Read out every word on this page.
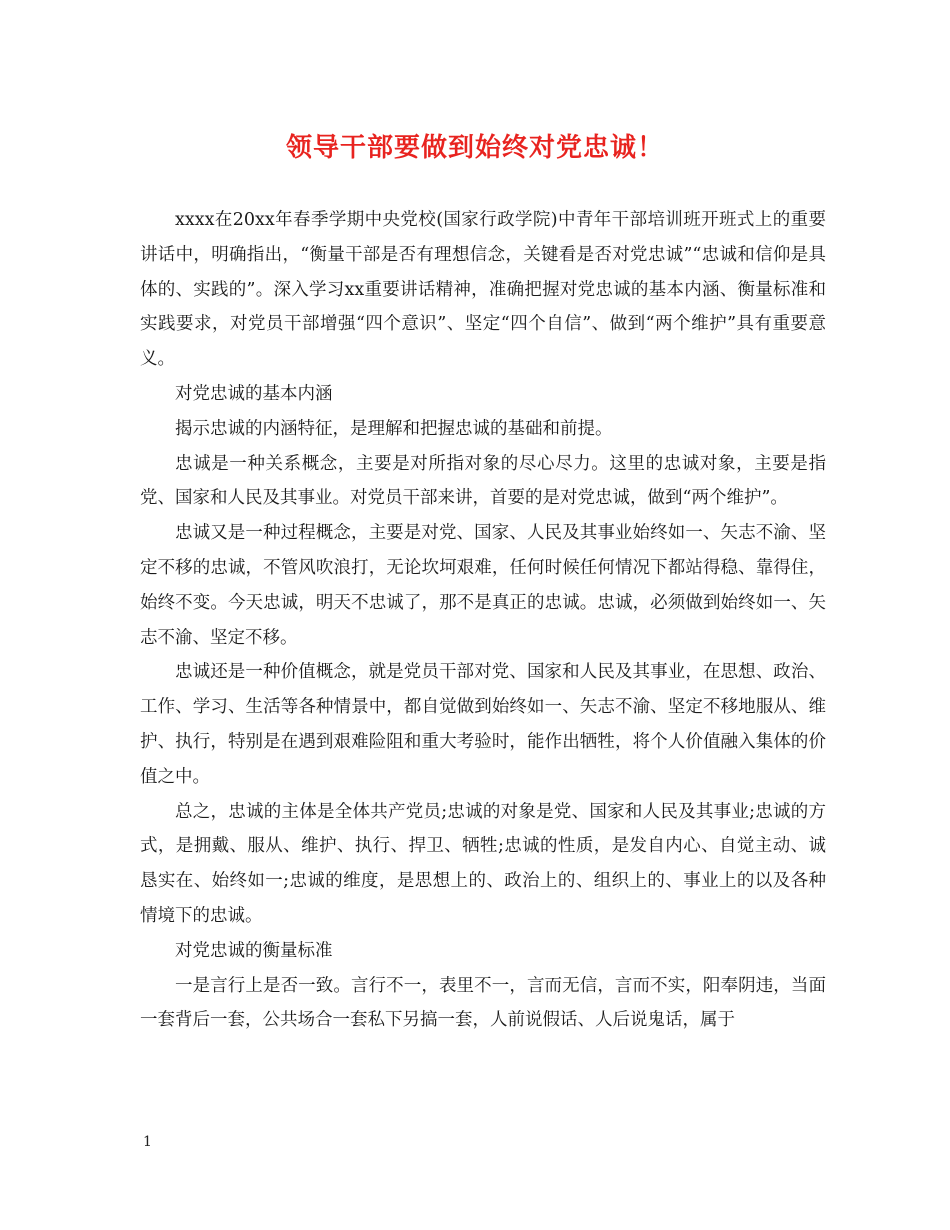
领导干部要做到始终对党忠诚！

xxxx在20xx年春季学期中央党校(国家行政学院)中青年干部培训班开班式上的重要讲话中，明确指出，“衡量干部是否有理想信念，关键看是否对党忠诚”“忠诚和信仰是具体的、实践的”。深入学习xx重要讲话精神，准确把握对党忠诚的基本内涵、衡量标准和实践要求，对党员干部增强“四个意识”、坚定“四个自信”、做到“两个维护”具有重要意义。

对党忠诚的基本内涵

揭示忠诚的内涵特征，是理解和把握忠诚的基础和前提。

忠诚是一种关系概念，主要是对所指对象的尽心尽力。这里的忠诚对象，主要是指党、国家和人民及其事业。对党员干部来讲，首要的是对党忠诚，做到“两个维护”。

忠诚又是一种过程概念，主要是对党、国家、人民及其事业始终如一、矢志不渝、坚定不移的忠诚，不管风吹浪打，无论坎坷艰难，任何时候任何情况下都站得稳、靠得住，始终不变。今天忠诚，明天不忠诚了，那不是真正的忠诚。忠诚，必须做到始终如一、矢志不渝、坚定不移。

忠诚还是一种价值概念，就是党员干部对党、国家和人民及其事业，在思想、政治、工作、学习、生活等各种情景中，都自觉做到始终如一、矢志不渝、坚定不移地服从、维护、执行，特别是在遇到艰难险阻和重大考验时，能作出牺牲，将个人价值融入集体的价值之中。

总之，忠诚的主体是全体共产党员;忠诚的对象是党、国家和人民及其事业;忠诚的方式，是拥戴、服从、维护、执行、捍卫、牺牲;忠诚的性质，是发自内心、自觉主动、诚恳实在、始终如一;忠诚的维度，是思想上的、政治上的、组织上的、事业上的以及各种情境下的忠诚。

对党忠诚的衡量标准

一是言行上是否一致。言行不一，表里不一，言而无信，言而不实，阳奉阴违，当面一套背后一套，公共场合一套私下另搞一套，人前说假话、人后说鬼话，属于

1
